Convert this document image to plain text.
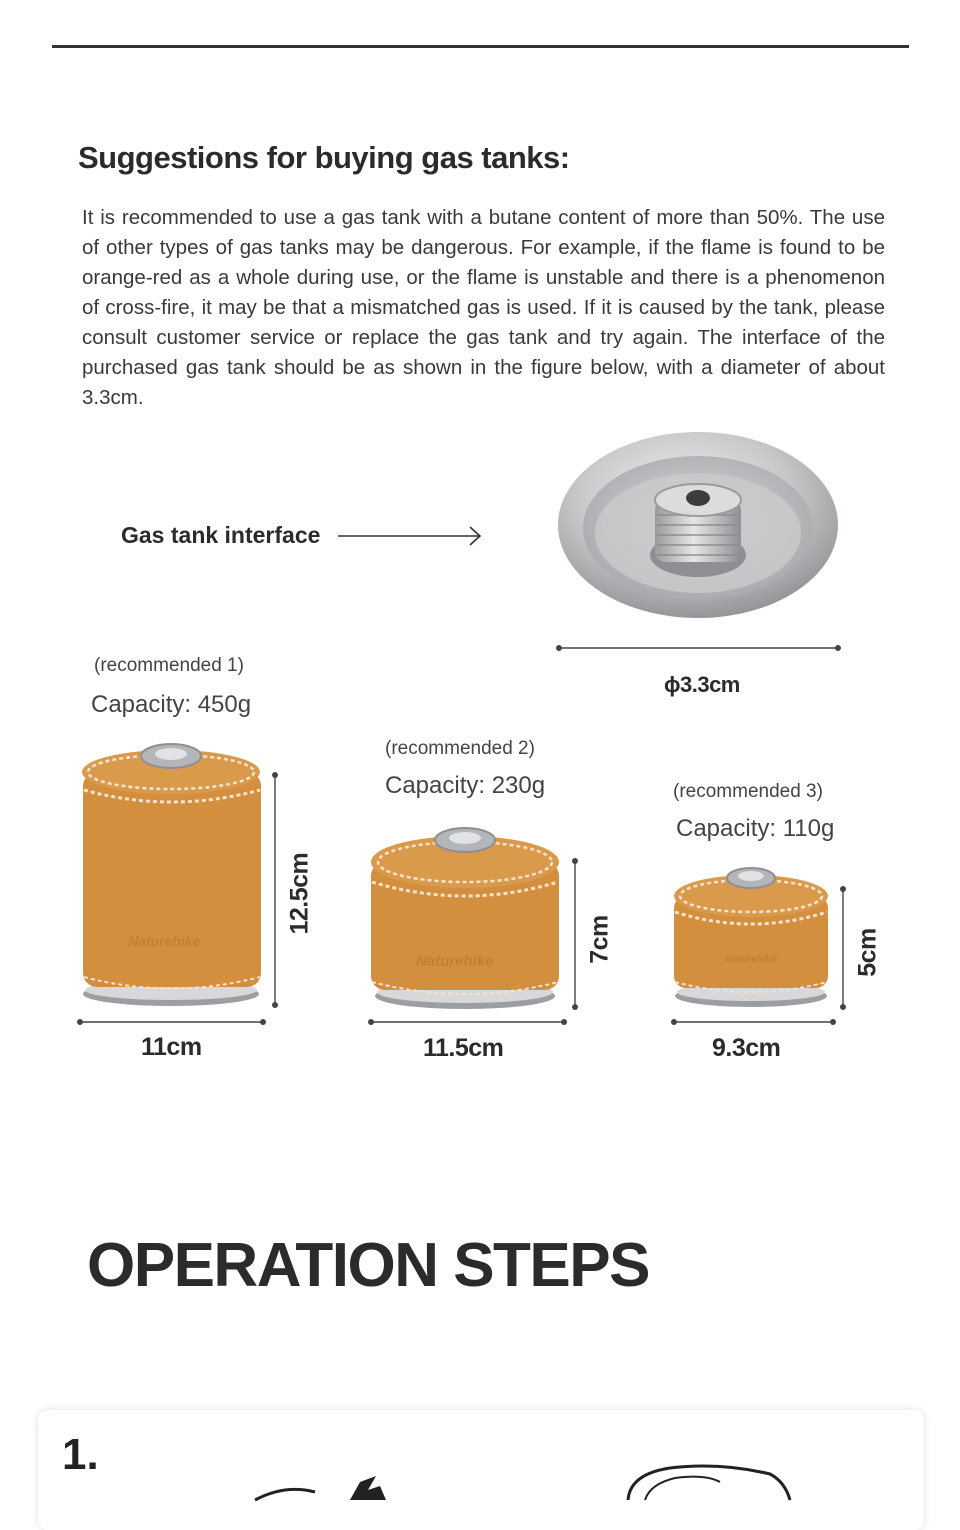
Suggestions for buying gas tanks:

It is recommended to use a gas tank with a butane content of more than 50%. The use of other types of gas tanks may be dangerous. For example, if the flame is found to be orange-red as a whole during use, or the flame is unstable and there is a phenomenon of cross-fire, it may be that a mismatched gas is used. If it is caused by the tank, please consult customer service or replace the gas tank and try again. The interface of the purchased gas tank should be as shown in the figure below, with a diameter of about 3.3cm.

Gas tank interface
ϕ3.3cm
(recommended 1)
Capacity: 450g
Naturehike
12.5cm
11cm
(recommended 2)
Capacity: 230g
Naturehike	7cm
11.5cm
(recommended 3)
Capacity: 110g
Naturehike	5cm
9.3cm
OPERATION STEPS
1.
